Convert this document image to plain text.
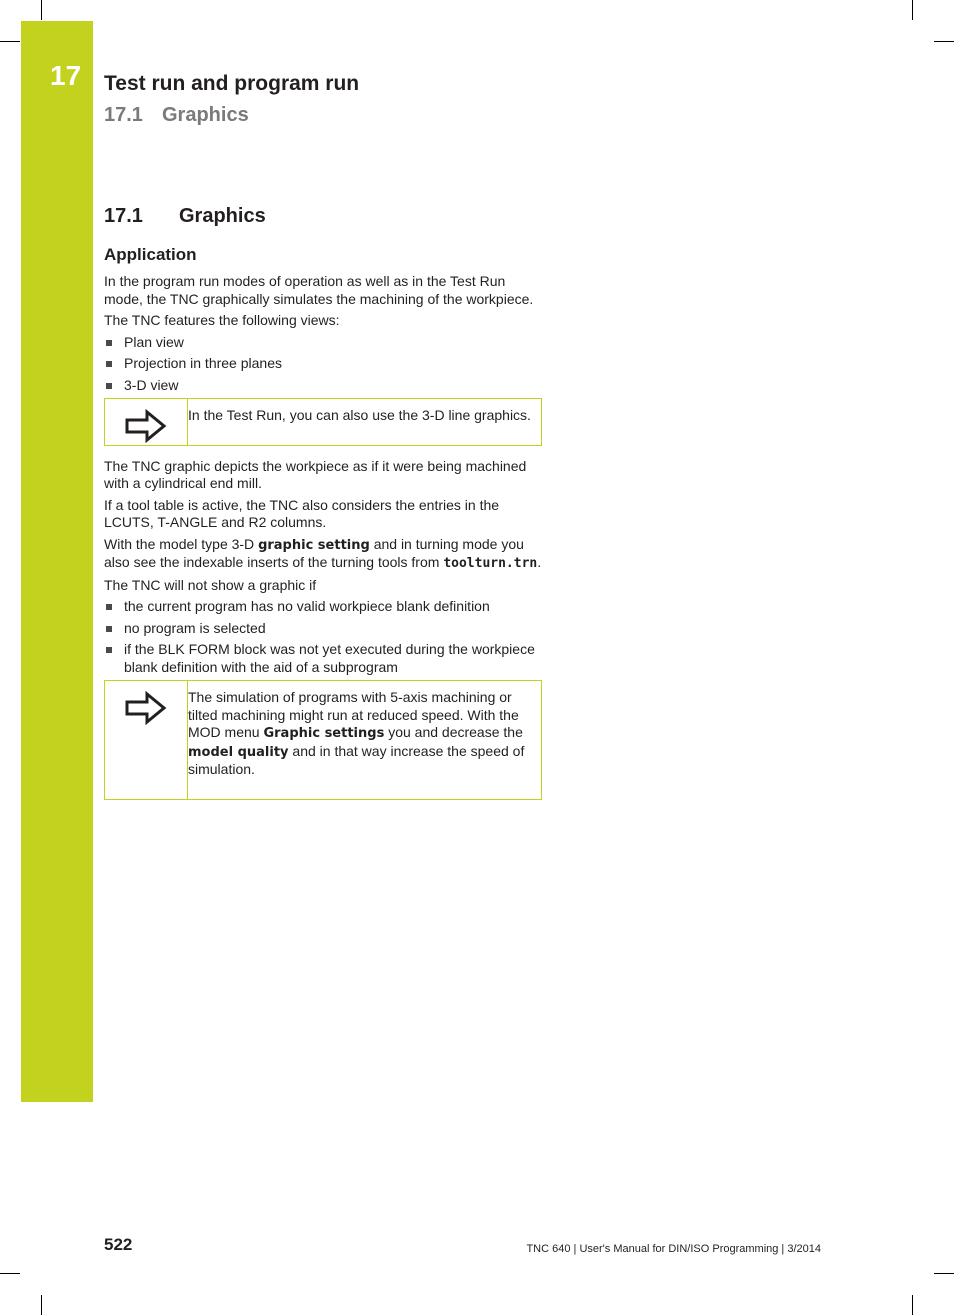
17 Test run and program run
17.1 Graphics
17.1 Graphics
Application

In the program run modes of operation as well as in the Test Run mode, the TNC graphically simulates the machining of the workpiece.

The TNC features the following views:

Plan view
Projection in three planes
3-D view

In the Test Run, you can also use the 3-D line graphics.

The TNC graphic depicts the workpiece as if it were being machined with a cylindrical end mill.

If a tool table is active, the TNC also considers the entries in the LCUTS, T-ANGLE and R2 columns.

With the model type 3-D graphic setting and in turning mode you also see the indexable inserts of the turning tools from toolturn.trn.

The TNC will not show a graphic if

the current program has no valid workpiece blank definition
no program is selected
if the BLK FORM block was not yet executed during the workpiece blank definition with the aid of a subprogram

The simulation of programs with 5-axis machining or tilted machining might run at reduced speed. With the MOD menu Graphic settings you and decrease the model quality and in that way increase the speed of simulation.

522	TNC 640 | User's Manual for DIN/ISO Programming | 3/2014
